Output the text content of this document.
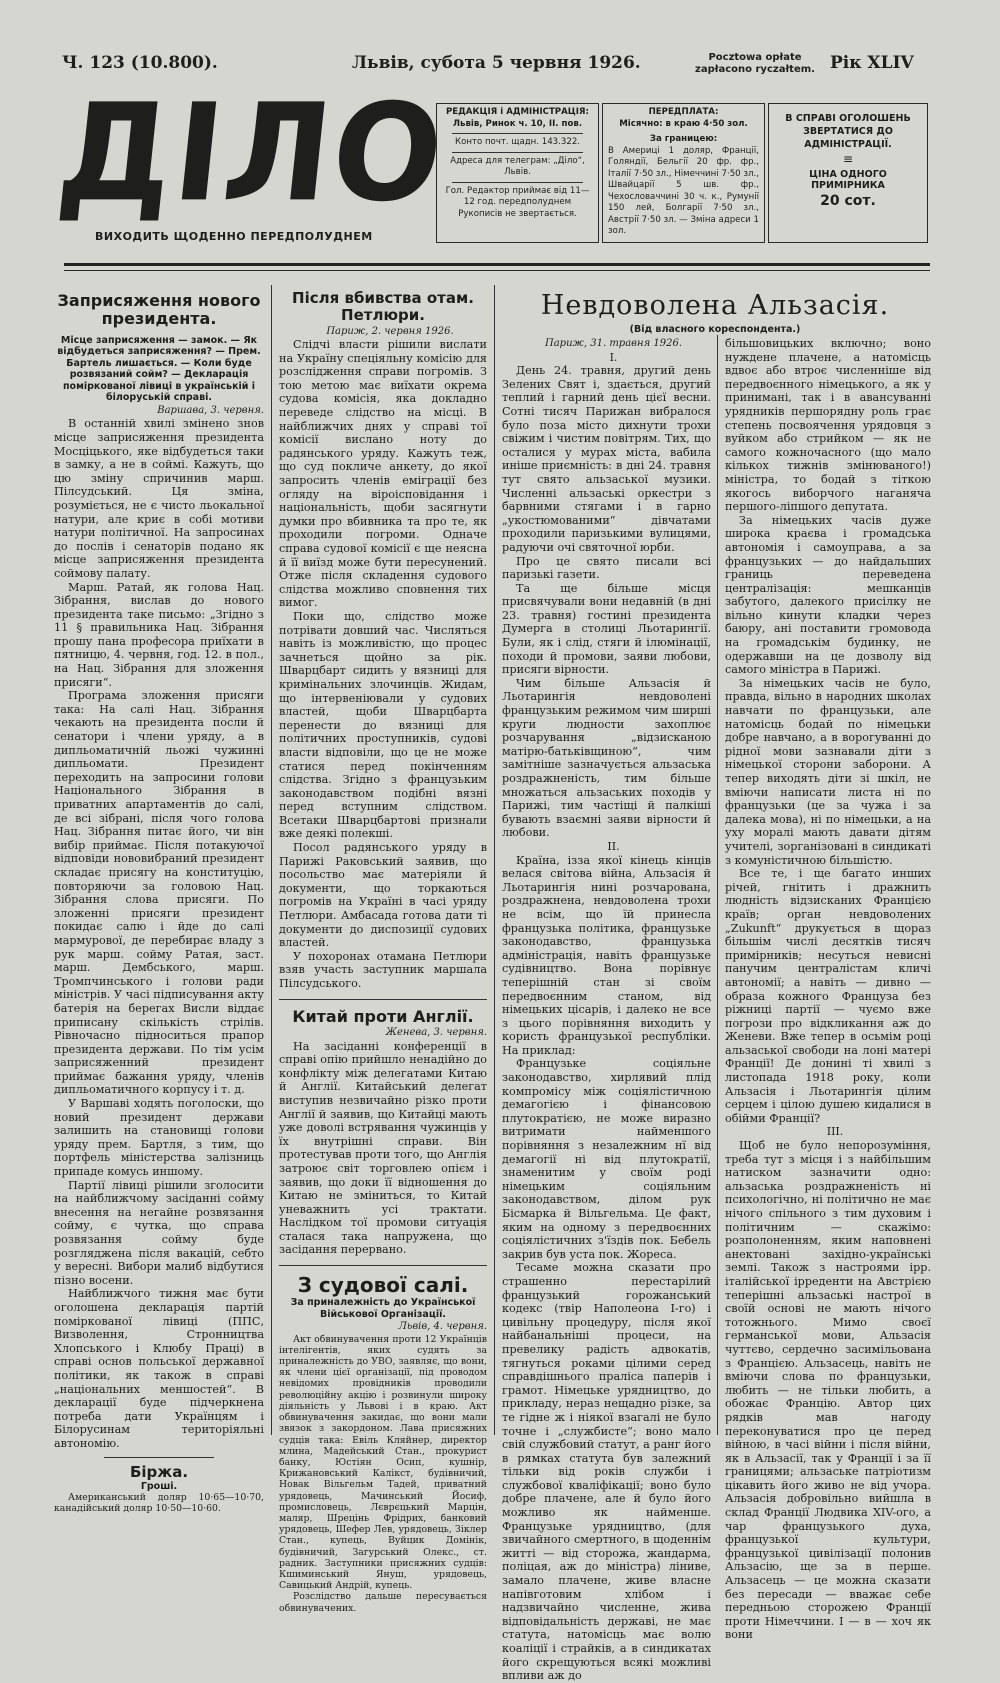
Ч. 123 (10.800).	Львів, субота 5 червня 1926.	Pocztowa opłate
zapłacono ryczałtem. Рік XLIV
ДІЛО
ВИХОДИТЬ ЩОДЕННО ПЕРЕДПОЛУДНЕМ
РЕДАКЦІЯ і АДМІНІСТРАЦІЯ:
Львів, Ринок ч. 10, II. пов.
Конто почт. щадн. 143.322.
Адреса для телеграм: „Діло“, Львів.
Гол. Редактор приймає від 11—12 год. передполуднем
Рукописів не звертається.
ПЕРЕДПЛАТА:
Місячно: в краю 4·50 зол.
За границею:
В Америці 1 доляр, Франції, Голяндії, Бельгії 20 фр. фр., Італії 7·50 зл., Німеччині 7·50 зл., Швайцарії 5 шв. фр., Чехословаччині 30 ч. к., Румунії 150 лей, Болгарії 7·50 зл., Австрії 7·50 зл. — Зміна адреси 1 зол.
В СПРАВІ ОГОЛОШЕНЬ ЗВЕРТАТИСЯ ДО АДМІНІСТРАЦІЇ.
≡
ЦІНА ОДНОГО ПРИМІРНИКА
20 сот.
Заприсяження нового президента.

Місце заприсяження — замок. — Як відбудеться заприсяження? — Прем. Бартель лишається. — Коли буде розвязаний сойм? — Декларація поміркованої лівиці в українській і білоруській справі.

Варшава, 3. червня.

В останній хвилі змінено знов місце заприсяження президента Мосціцького, яке відбудеться таки в замку, а не в соймі. Кажуть, що цю зміну спричинив марш. Пілсудський. Ця зміна, розуміється, не є чисто льокальної натури, але криє в собі мотиви натури політичної. На запросинах до послів і сенаторів подано як місце заприсяження президента соймову палату.

Марш. Ратай, як голова Нац. Зібрання, вислав до нового президента таке письмо: „Згідно з 11 § правильника Нац. Зібрання прошу пана професора приїхати в пятницю, 4. червня, год. 12. в пол., на Нац. Зібрання для зложення присяги“.

Програма зложення присяги така: На салі Нац. Зібрання чекають на президента посли й сенатори і члени уряду, а в дипльоматичній льожі чужинні дипльомати. Президент переходить на запросини голови Національного Зібрання в приватних апартаментів до салі, де всі зібрані, після чого голова Нац. Зібрання питає його, чи він вибір приймає. Після потакуючої відповіди нововибраний президент складає присягу на конституцію, повторяючи за головою Нац. Зібрання слова присяги. По зложенні присяги президент покидає салю і йде до салі мармурової, де перебирає владу з рук марш. сойму Ратая, заст. марш. Дембського, марш. Тромпчинського і голови ради міністрів. У часі підписування акту батерія на берегах Висли віддає приписану скількість стрілів. Рівночасно підноситься прапор президента держави. По тім усім заприсяженний президент приймає бажання уряду, членів дипльоматичного корпусу і т. д.

У Варшаві ходять поголоски, що новий президент держави залишить на становищі голови уряду прем. Бартля, з тим, що портфель міністерства залізниць припаде комусь иншому.

Партії лівиці рішили зголосити на найближчому засіданні сойму внесення на негайне розвязання сойму, є чутка, що справа розвязання сойму буде розгляджена після вакацій, себто у вересні. Вибори малиб відбутися пізно восени.

Найближчого тижня має бути оголошена декларація партій поміркованої лівиці (ППС, Визволення, Стронництва Хлопського і Клюбу Праці) в справі основ польської державної політики, як також в справі „національних меншостей“. В декларації буде підчеркнена потреба дати Українцям і Білорусинам територіяльні автономію.

Біржа.

Гроші.

Американський доляр 10·65—10·70, канадійський доляр 10·50—10·60.

Після вбивства отам. Петлюри.

Париж, 2. червня 1926.

Слідчі власти рішили вислати на Україну спеціяльну комісію для розслідження справи погромів. З тою метою має виїхати окрема судова комісія, яка докладно переведе слідство на місці. В найближчих днях у справі тої комісії вислано ноту до радянського уряду. Кажуть теж, що суд покличе анкету, до якої запросить членів еміграції без огляду на віроісповідання і національність, щоби засягнути думки про вбивника та про те, як проходили погроми. Одначе справа судової комісії є ще неясна й її виїзд може бути пересунений. Отже після складення судового слідства можливо сповнення тих вимог.

Поки що, слідство може потрівати довший час. Числяться навіть із можливістю, що процес зачнеться щойно за рік. Шварцбарт сидить у вязниці для кримінальних злочинців. Жидам, що інтервеніювали у судових властей, щоби Шварцбарта перенести до вязниці для політичних проступників, судові власти відповіли, що це не може статися перед покінченням слідства. Згідно з французьким законодавством подібні вязні перед вступним слідством. Всетаки Шварцбартові признали вже деякі полекші.

Посол радянського уряду в Парижі Раковський заявив, що посольство має матеріяли й документи, що торкаються погромів на Україні в часі уряду Петлюри. Амбасада готова дати ті документи до диспозиції судових властей.

У похоронах отамана Петлюри взяв участь заступник маршала Пілсудського.

Китай проти Англії.

Женева, 3. червня.

На засіданні конференції в справі опію прийшло ненадійно до конфлікту між делегатами Китаю й Англії. Китайський делегат виступив незвичайно різко проти Англії й заявив, що Китайці мають уже доволі встрявання чужинців у їх внутрішні справи. Він протестував проти того, що Англія затроює світ торговлею опієм і заявив, що доки її відношення до Китаю не зміниться, то Китай уневажнить усі трактати. Наслідком тої промови ситуація сталася така напружена, що засідання перервано.

З судової салі.

За приналежність до Української Військової Організації.

Львів, 4. червня.

Акт обвинувачення проти 12 Українців інтелігентів, яких судять за приналежність до УВО, заявляє, що вони, як члени цієї організації, під проводом невідомих провідників проводили революційну акцію і розвинули широку діяльність у Львові і в краю. Акт обвинувачення закидає, що вони мали звязок з закордоном. Лава присяжних судців така: Евіль Кляйнер, директор млина, Мадейський Стан., прокурист банку, Юстіян Осип, кушнір, Крижановський Калікст, будівничий, Новак Вільгельм Тадей, приватний урядовець, Мачинський Йосиф, промисловець, Лєврєцький Марцін, маляр, Шрецінь Фрідрих, банковий урядовець, Шефер Лев, урядовець, Зіклер Стан., купець, Вуйцик Домінік, будівничий, Загурський Олекс., ст. радник. Заступники присяжних судців: Кшиминський Януш, урядовець, Савицький Андрій, купець.

Розслідство дальше пересувається обвинувачених.

Невдоволена Альзасія.

(Від власного кореспондента.)

Париж, 31. травня 1926.

I.

День 24. травня, другий день Зелених Свят і, здається, другий теплий і гарний день цієї весни. Сотні тисяч Парижан вибралося було поза місто дихнути трохи свіжим і чистим повітрям. Тих, що осталися у мурах міста, вабила иніше приємність: в дні 24. травня тут свято альзаської музики. Численні альзаські оркестри з барвними стягами і в гарно „укостюмованими“ дівчатами проходили паризькими вулицями, радуючи очі святочної юрби.

Про це свято писали всі паризькі газети.

Та ще більше місця присвячували вони недавній (в дні 23. травня) гостині президента Думерга в столиці Льотарингії. Були, як і слід, стяги й ілюмінації, походи й промови, заяви любови, присяги вірности.

Чим більше Альзасія й Льотарингія невдоволені французьким режимом чим ширші круги людности захоплює розчарування „відзисканою матірю-батьківщиною“, чим замітніше зазначується альзаська роздражненість, тим більше множаться альзаських походів у Парижі, тим частіщі й палкіші бувають взаємні заяви вірности й любови.

II.

Країна, ізза якої кінець кінців велася світова війна, Альзасія й Льотарингія нині розчарована, роздражнена, невдоволена трохи не всім, що їй принесла французька політика, французьке законодавство, французька адміністрація, навіть французьке судівництво. Вона порівнує теперішній стан зі своїм передвоєнним станом, від німецьких цісарів, і далеко не все з цього порівняння виходить у користь французької республіки. На приклад:

Французьке соціяльне законодавство, хирлявий плід компромісу між соціялістичною демагогією і фінансовою плутократією, не може виразно витримати найменшого порівняння з незалежним нї від демагогії ні від плутократії, знаменитим у своїм роді німецьким соціяльним законодавством, ділом рук Бісмарка й Вільгельма. Це факт, яким на одному з передвоєнних соціялістичних з'їздів пок. Бебель закрив був уста пок. Жореса.

Тесаме можна сказати про страшенно перестарілий французький горожанський кодекс (твір Наполеона І-го) і цивільну процедуру, після якої найбанальніші процеси, на превелику радість адвокатів, тягнуться роками цілими серед справдішнього праліса паперів і грамот. Німецьке урядництво, до прикладу, нераз нещадно різке, за те гідне ж і ніякої взагалі не було точне і „службисте“; воно мало свій службовий статут, а ранг його в рямках статута був залежний тільки від років служби і службової кваліфікації; воно було добре плачене, але й було його можливо як найменше. Французьке урядництво, (для звичайного смертного, в щоденнім житті — від сторожа, жандарма, поліцая, аж до міністра) ліниве, замало плачене, живе власне напівготовим хлібом і надзвичайно численне, жива відповідальність державі, не має статута, натомісць має волю коаліції і страйків, а в синдикатах його скрещуються всякі можливі впливи аж до

більшовицьких включно; воно нуждене плачене, а натомісць вдвоє або втроє численніше від передвоєнного німецького, а як у принимані, так і в авансуванні урядників першорядну роль грає степень посвоячення урядовця з вуйком або стрийком — як не самого кожночасного (що мало кількох тижнів змінюваного!) міністра, то бодай з тіткою якогось виборчого наганяча першого-ліпшого депутата.

За німецьких часів дуже широка краєва і громадська автономія і самоуправа, а за французьких — до найдальших границь переведена централізація: мешканців забутого, далекого присілку не вільно кинути кладки через баюру, ані поставити громовода на громадськім будинку, не одержавши на це дозволу від самого міністра в Парижі.

За німецьких часів не було, правда, вільно в народних школах навчати по французьки, але натомісць бодай по німецьки добре навчано, а в ворогуванні до рідної мови зазнавали діти з німецької сторони заборони. А тепер виходять діти зі шкіл, не вміючи написати листа ні по французьки (це за чужа і за далека мова), ні по німецьки, а на уху моралі мають давати дітям учителі, зорганізовані в синдикаті з комуністичною більшістю.

Все те, і ще багато инших річей, гнітить і дражнить людність відзисканих Францією країв; орган невдоволених „Zukunft“ друкується в щораз більшім числі десятків тисяч примірників; несуться невисні панучим централістам кличі автономії; а навіть — дивно — образа кожного Француза без ріжниці партії — чуємо вже погрози про відкликання аж до Женеви. Вже тепер в осьмім році альзаської свободи на лоні матері Франції! Де донині ті хвилі з листопада 1918 року, коли Альзасія і Льотарингія цілим серцем і цілою душею кидалися в обійми Франції?

III.

Щоб не було непорозуміння, треба тут з місця і з найбільшим натиском зазначити одно: альзаська роздражненість ні психологічно, ні політично не має нічого спільного з тим духовим і політичним — скажімо: розполоненням, яким наповнені анектовані західно-українські землі. Також з настроями ірр. італійської ірреденти на Австрією теперішні альзаські настрої в своїй основі не мають нічого тотожнього. Мимо своєї германської мови, Альзасія чуттєво, сердечно засимільована з Францією. Альзасець, навіть не вміючи слова по французьки, любить — не тільки любить, а обожає Францію. Автор цих рядків мав нагоду переконуватися про це перед війною, в часі війни і після війни, як в Альзасії, так у Франції і за її границями; альзаське патріотизм цікавить його живо не від учора. Альзасія добровільно вийшла в склад Франції Людвика XIV-ого, а чар французького духа, французької культури, французької цивілізації полонив Альзасію, ще за в перше. Альзасець — це можна сказати без пересади — вважає себе передньою сторожею Франції проти Німеччини. І — в — хоч як вони
